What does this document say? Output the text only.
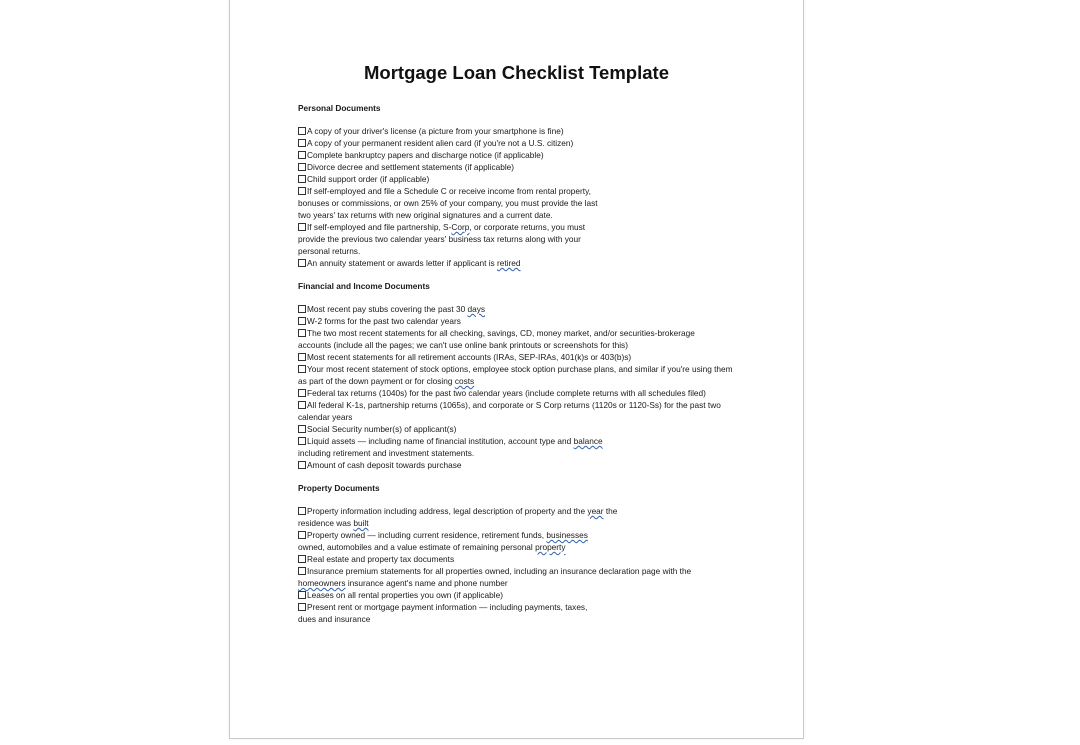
Mortgage Loan Checklist Template

Personal Documents

A copy of your driver's license (a picture from your smartphone is fine)

A copy of your permanent resident alien card (if you're not a U.S. citizen)

Complete bankruptcy papers and discharge notice (if applicable)

Divorce decree and settlement statements (if applicable)

Child support order (if applicable)

If self-employed and file a Schedule C or receive income from rental property, bonuses or commissions, or own 25% of your company, you must provide the last two years' tax returns with new original signatures and a current date.

If self-employed and file partnership, S-Corp, or corporate returns, you must provide the previous two calendar years' business tax returns along with your personal returns.

An annuity statement or awards letter if applicant is retired

Financial and Income Documents

Most recent pay stubs covering the past 30 days

W-2 forms for the past two calendar years

The two most recent statements for all checking, savings, CD, money market, and/or securities-brokerage accounts (include all the pages; we can't use online bank printouts or screenshots for this)

Most recent statements for all retirement accounts (IRAs, SEP-IRAs, 401(k)s or 403(b)s)

Your most recent statement of stock options, employee stock option purchase plans, and similar if you're using them as part of the down payment or for closing costs

Federal tax returns (1040s) for the past two calendar years (include complete returns with all schedules filed)

All federal K-1s, partnership returns (1065s), and corporate or S Corp returns (1120s or 1120-Ss) for the past two calendar years

Social Security number(s) of applicant(s)

Liquid assets — including name of financial institution, account type and balance including retirement and investment statements.

Amount of cash deposit towards purchase

Property Documents

Property information including address, legal description of property and the year the residence was built

Property owned — including current residence, retirement funds, businesses owned, automobiles and a value estimate of remaining personal property

Real estate and property tax documents

Insurance premium statements for all properties owned, including an insurance declaration page with the homeowners insurance agent's name and phone number

Leases on all rental properties you own (if applicable)

Present rent or mortgage payment information — including payments, taxes, dues and insurance
